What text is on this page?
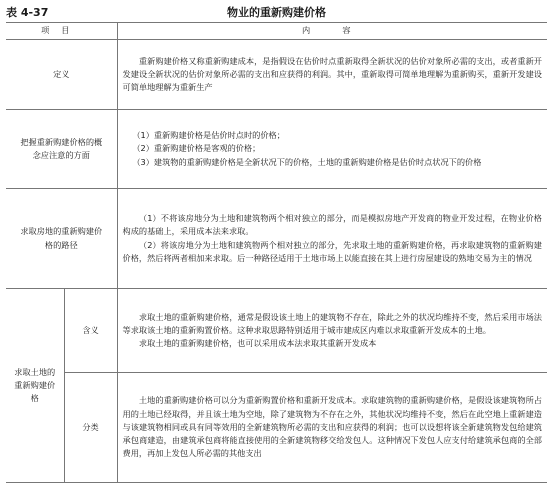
表 4-37	物业的重新购建价格
项目		内　容
定义		重新购建价格又称重新购建成本，是指假设在估价时点重新取得全新状况的估价对象所必需的支出，或者重新开发建设全新状况的估价对象所必需的支出和应获得的利润。其中，重新取得可简单地理解为重新购买，重新开发建设可简单地理解为重新生产
把握重新购建价格的概念应注意的方面		（1）重新购建价格是估价时点时的价格；
（2）重新购建价格是客观的价格；
（3）建筑物的重新购建价格是全新状况下的价格，土地的重新购建价格是估价时点状况下的价格

求取房地的重新购建价格的路径		（1）不将该房地分为土地和建筑物两个相对独立的部分，而是模拟房地产开发商的物业开发过程，在物业价格构成的基础上，采用成本法来求取。
（2）将该房地分为土地和建筑物两个相对独立的部分，先求取土地的重新购建价格，再求取建筑物的重新购建价格，然后将两者相加来求取。后一种路径适用于土地市场上以能直接在其上进行房屋建设的熟地交易为主的情况

求取土地的重新购建价格	含义	求取土地的重新购建价格，通常是假设该土地上的建筑物不存在，除此之外的状况均维持不变，然后采用市场法等求取该土地的重新购置价格。这种求取思路特别适用于城市建成区内难以求取重新开发成本的土地。
求取土地的重新购建价格，也可以采用成本法求取其重新开发成本

	分类	土地的重新购建价格可以分为重新购置价格和重新开发成本。求取建筑物的重新购建价格，是假设该建筑物所占用的土地已经取得，并且该土地为空地，除了建筑物为不存在之外，其他状况均维持不变，然后在此空地上重新建造与该建筑物相同或具有同等效用的全新建筑物所必需的支出和应获得的利润；也可以设想将该全新建筑物发包给建筑承包商建造，由建筑承包商将能直接使用的全新建筑物移交给发包人。这种情况下发包人应支付给建筑承包商的全部费用，再加上发包人所必需的其他支出
